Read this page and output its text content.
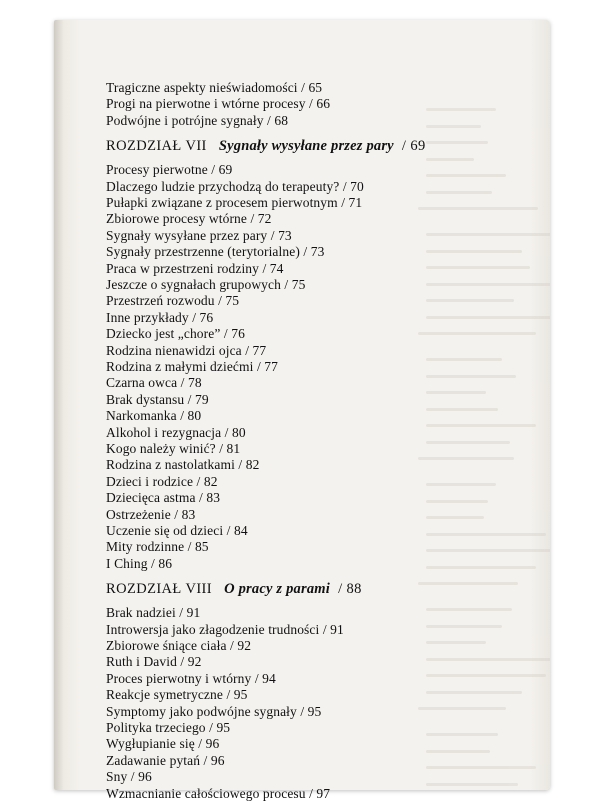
Tragiczne aspekty nieświadomości / 65
Progi na pierwotne i wtórne procesy / 66
Podwójne i potrójne sygnały / 68
ROZDZIAŁ VII Sygnały wysyłane przez pary / 69
Procesy pierwotne / 69
Dlaczego ludzie przychodzą do terapeuty? / 70
Pułapki związane z procesem pierwotnym / 71
Zbiorowe procesy wtórne / 72
Sygnały wysyłane przez pary / 73
Sygnały przestrzenne (terytorialne) / 73
Praca w przestrzeni rodziny / 74
Jeszcze o sygnałach grupowych / 75
Przestrzeń rozwodu / 75
Inne przykłady / 76
Dziecko jest „chore” / 76
Rodzina nienawidzi ojca / 77
Rodzina z małymi dziećmi / 77
Czarna owca / 78
Brak dystansu / 79
Narkomanka / 80
Alkohol i rezygnacja / 80
Kogo należy winić? / 81
Rodzina z nastolatkami / 82
Dzieci i rodzice / 82
Dziecięca astma / 83
Ostrzeżenie / 83
Uczenie się od dzieci / 84
Mity rodzinne / 85
I Ching / 86
ROZDZIAŁ VIII O pracy z parami / 88
Brak nadziei / 91
Introwersja jako złagodzenie trudności / 91
Zbiorowe śniące ciała / 92
Ruth i David / 92
Proces pierwotny i wtórny / 94
Reakcje symetryczne / 95
Symptomy jako podwójne sygnały / 95
Polityka trzeciego / 95
Wygłupianie się / 96
Zadawanie pytań / 96
Sny / 96
Wzmacnianie całościowego procesu / 97
